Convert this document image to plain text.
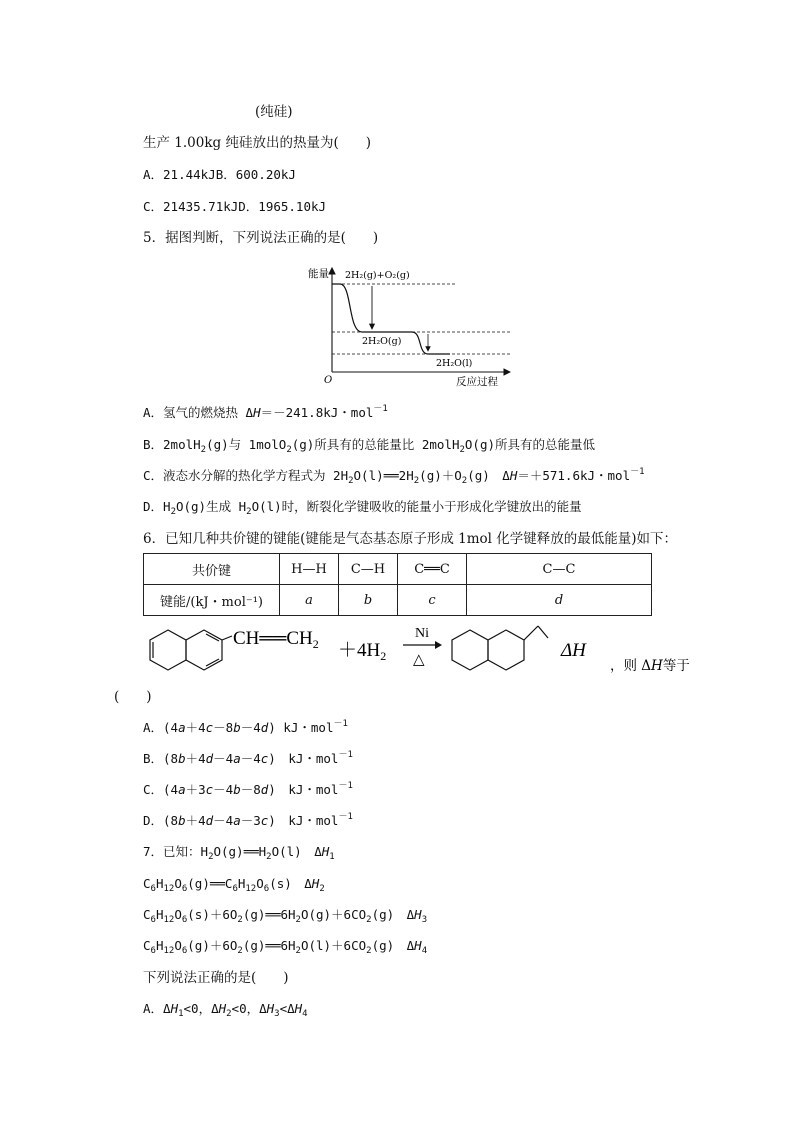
(纯硅)
生产 1.00kg 纯硅放出的热量为(　　)
A．21.44kJB．600.20kJ
C．21435.71kJD．1965.10kJ
5．据图判断，下列说法正确的是(　　)
能量
O	反应过程
2H₂(g)+O₂(g)
2H₂O(g)
2H₂O(l)
A．氢气的燃烧热 ΔH＝－241.8kJ・mol$^{-1}$
B．2molH$_2$(g)与 1molO$_2$(g)所具有的总能量比 2molH$_2$O(g)所具有的总能量低
C．液态水分解的热化学方程式为 $2H_2O(l)══2H_2(g)+O_2(g)$　ΔH＝＋571.6kJ・mol$^{-1}$
D．$H_2O(g)$生成 $H_2O(l)$时，断裂化学键吸收的能量小于形成化学键放出的能量
6．已知几种共价键的键能(键能是气态基态原子形成 1mol 化学键释放的最低能量)如下：
共价键	H—H	C—H	C══C	C—C
键能/(kJ・mol⁻¹)	a	b	c	d
$CH══CH_2 +4H_2$
Ni
△	ΔH
，则 ΔH等于
(　　)
A．(4a＋4c－8b－4d) kJ・mol$^{-1}$
B．(8b＋4d－4a－4c)　kJ・mol$^{-1}$
C．(4a＋3c－4b－8d)　kJ・mol$^{-1}$
D．(8b＋4d－4a－3c)　kJ・mol$^{-1}$
7．已知：$H_2O(g)══H_2O(l)$　$\Delta H_1$
$C_6H_{12}O_6(g)══C_6H_{12}O_6(s)$　$\Delta H_2$
$C_6H_{12}O_6(s)+6O_2(g)══6H_2O(g)+6CO_2(g)$　$\Delta H_3$
$C_6H_{12}O_6(g)+6O_2(g)══6H_2O(l)+6CO_2(g)$　$\Delta H_4$
下列说法正确的是(　　)
A．$\Delta H_1<0$，$\Delta H_2<0$，$\Delta H_3<\Delta H_4$
